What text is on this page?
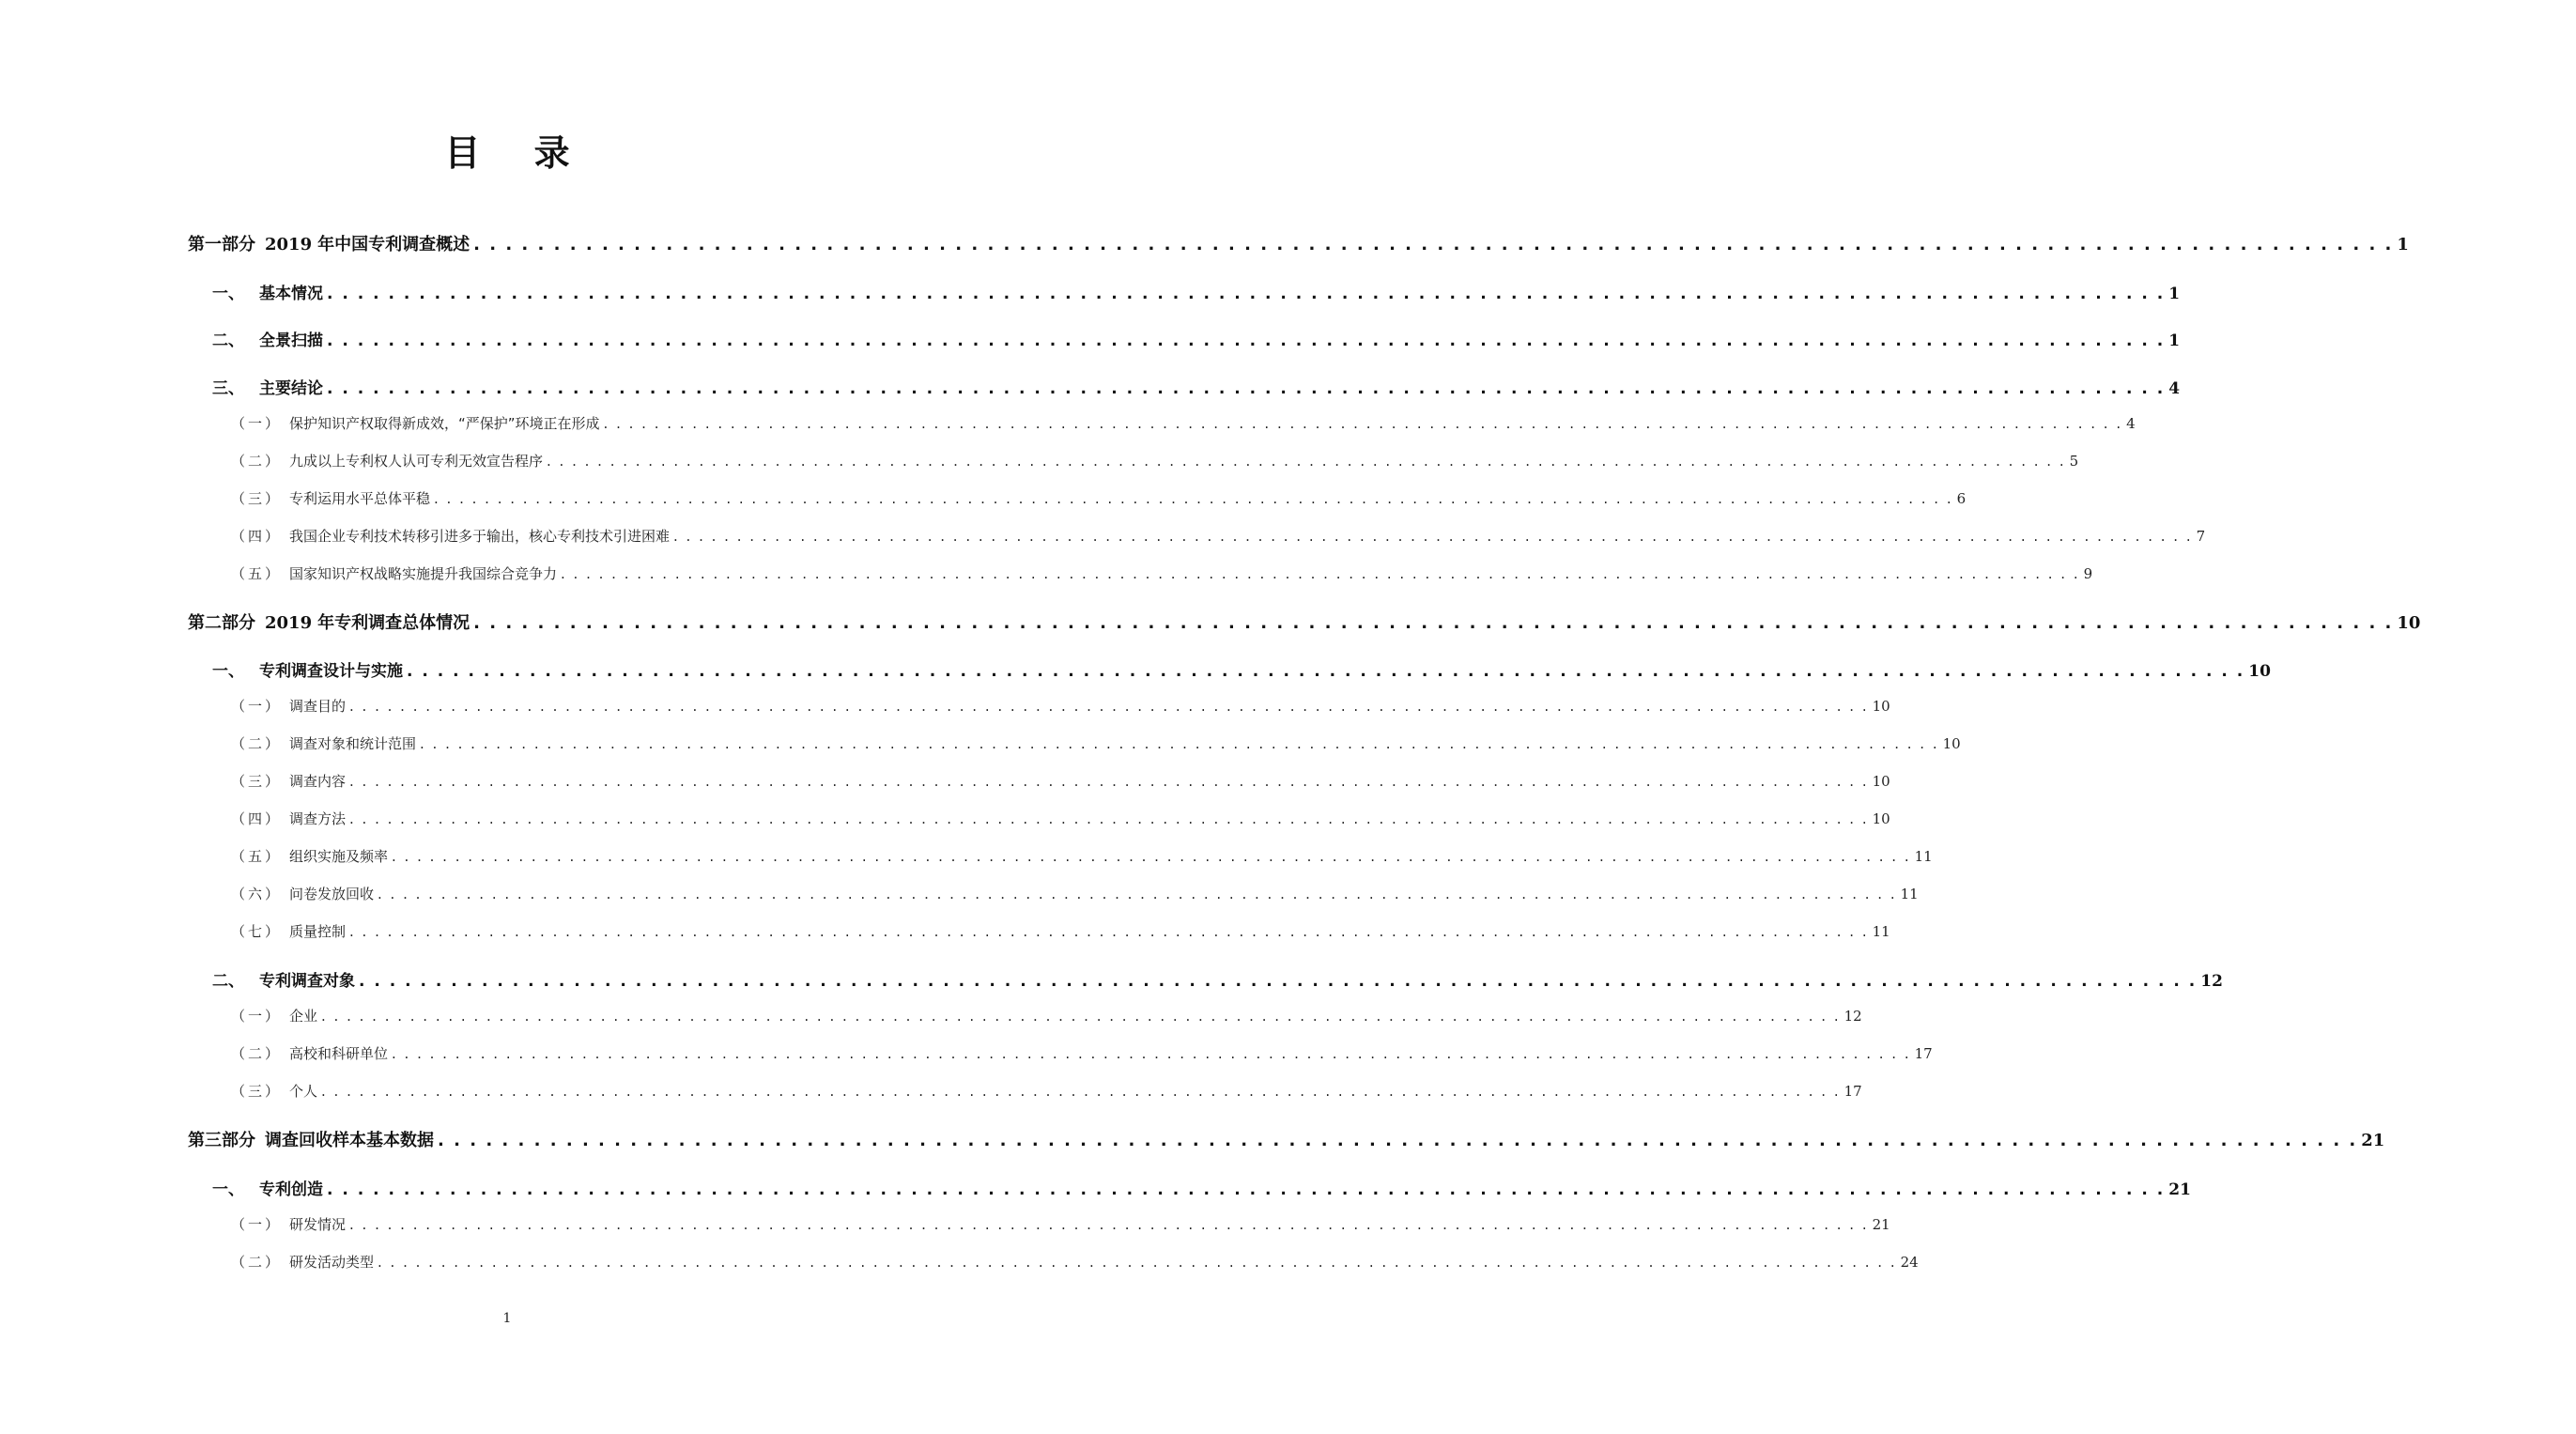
目 录
第一部分 2019 年中国专利调查概述 . . . . . . . . . . . . . . . . . . . . . . . . . . . . . . . . . . . . . . . . . . . . . . . . . . . . . . . . . . . . . . . . . . . . . . . . . . . . . . . . . . . . . . . . . . . . . . . . . . . . . . . . . . . . . . . . . . . . . . . . 1
一、 基本情况 . . . . . . . . . . . . . . . . . . . . . . . . . . . . . . . . . . . . . . . . . . . . . . . . . . . . . . . . . . . . . . . . . . . . . . . . . . . . . . . . . . . . . . . . . . . . . . . . . . . . . . . . . . . . . . . . . . . . . . . . 1
二、 全景扫描 . . . . . . . . . . . . . . . . . . . . . . . . . . . . . . . . . . . . . . . . . . . . . . . . . . . . . . . . . . . . . . . . . . . . . . . . . . . . . . . . . . . . . . . . . . . . . . . . . . . . . . . . . . . . . . . . . . . . . . . . 1
三、 主要结论 . . . . . . . . . . . . . . . . . . . . . . . . . . . . . . . . . . . . . . . . . . . . . . . . . . . . . . . . . . . . . . . . . . . . . . . . . . . . . . . . . . . . . . . . . . . . . . . . . . . . . . . . . . . . . . . . . . . . . . . . 4
（一） 保护知识产权取得新成效，“严保护”环境正在形成 . . . . . . . . . . . . . . . . . . . . . . . . . . . . . . . . . . . . . . . . . . . . . . . . . . . . . . . . . . . . . . . . . . . . . . . . . . . . . . . . . . . . . . . . . . . . . . . . . . . . . . . . . . . . . . . . . . . . . . . . 4
（二） 九成以上专利权人认可专利无效宣告程序 . . . . . . . . . . . . . . . . . . . . . . . . . . . . . . . . . . . . . . . . . . . . . . . . . . . . . . . . . . . . . . . . . . . . . . . . . . . . . . . . . . . . . . . . . . . . . . . . . . . . . . . . . . . . . . . . . . . . . . . . 5
（三） 专利运用水平总体平稳 . . . . . . . . . . . . . . . . . . . . . . . . . . . . . . . . . . . . . . . . . . . . . . . . . . . . . . . . . . . . . . . . . . . . . . . . . . . . . . . . . . . . . . . . . . . . . . . . . . . . . . . . . . . . . . . . . . . . . . . . 6
（四） 我国企业专利技术转移引进多于输出，核心专利技术引进困难 . . . . . . . . . . . . . . . . . . . . . . . . . . . . . . . . . . . . . . . . . . . . . . . . . . . . . . . . . . . . . . . . . . . . . . . . . . . . . . . . . . . . . . . . . . . . . . . . . . . . . . . . . . . . . . . . . . . . . . . . 7
（五） 国家知识产权战略实施提升我国综合竞争力 . . . . . . . . . . . . . . . . . . . . . . . . . . . . . . . . . . . . . . . . . . . . . . . . . . . . . . . . . . . . . . . . . . . . . . . . . . . . . . . . . . . . . . . . . . . . . . . . . . . . . . . . . . . . . . . . . . . . . . . . 9
第二部分 2019 年专利调查总体情况 . . . . . . . . . . . . . . . . . . . . . . . . . . . . . . . . . . . . . . . . . . . . . . . . . . . . . . . . . . . . . . . . . . . . . . . . . . . . . . . . . . . . . . . . . . . . . . . . . . . . . . . . . . . . . . . . . . . . . . . . 10
一、 专利调查设计与实施 . . . . . . . . . . . . . . . . . . . . . . . . . . . . . . . . . . . . . . . . . . . . . . . . . . . . . . . . . . . . . . . . . . . . . . . . . . . . . . . . . . . . . . . . . . . . . . . . . . . . . . . . . . . . . . . . . . . . . . . . 10
（一） 调查目的 . . . . . . . . . . . . . . . . . . . . . . . . . . . . . . . . . . . . . . . . . . . . . . . . . . . . . . . . . . . . . . . . . . . . . . . . . . . . . . . . . . . . . . . . . . . . . . . . . . . . . . . . . . . . . . . . . . . . . . . . 10
（二） 调查对象和统计范围 . . . . . . . . . . . . . . . . . . . . . . . . . . . . . . . . . . . . . . . . . . . . . . . . . . . . . . . . . . . . . . . . . . . . . . . . . . . . . . . . . . . . . . . . . . . . . . . . . . . . . . . . . . . . . . . . . . . . . . . . 10
（三） 调查内容 . . . . . . . . . . . . . . . . . . . . . . . . . . . . . . . . . . . . . . . . . . . . . . . . . . . . . . . . . . . . . . . . . . . . . . . . . . . . . . . . . . . . . . . . . . . . . . . . . . . . . . . . . . . . . . . . . . . . . . . . 10
（四） 调查方法 . . . . . . . . . . . . . . . . . . . . . . . . . . . . . . . . . . . . . . . . . . . . . . . . . . . . . . . . . . . . . . . . . . . . . . . . . . . . . . . . . . . . . . . . . . . . . . . . . . . . . . . . . . . . . . . . . . . . . . . . 10
（五） 组织实施及频率 . . . . . . . . . . . . . . . . . . . . . . . . . . . . . . . . . . . . . . . . . . . . . . . . . . . . . . . . . . . . . . . . . . . . . . . . . . . . . . . . . . . . . . . . . . . . . . . . . . . . . . . . . . . . . . . . . . . . . . . . 11
（六） 问卷发放回收 . . . . . . . . . . . . . . . . . . . . . . . . . . . . . . . . . . . . . . . . . . . . . . . . . . . . . . . . . . . . . . . . . . . . . . . . . . . . . . . . . . . . . . . . . . . . . . . . . . . . . . . . . . . . . . . . . . . . . . . . 11
（七） 质量控制 . . . . . . . . . . . . . . . . . . . . . . . . . . . . . . . . . . . . . . . . . . . . . . . . . . . . . . . . . . . . . . . . . . . . . . . . . . . . . . . . . . . . . . . . . . . . . . . . . . . . . . . . . . . . . . . . . . . . . . . . 11
二、 专利调查对象 . . . . . . . . . . . . . . . . . . . . . . . . . . . . . . . . . . . . . . . . . . . . . . . . . . . . . . . . . . . . . . . . . . . . . . . . . . . . . . . . . . . . . . . . . . . . . . . . . . . . . . . . . . . . . . . . . . . . . . . . 12
（一） 企业 . . . . . . . . . . . . . . . . . . . . . . . . . . . . . . . . . . . . . . . . . . . . . . . . . . . . . . . . . . . . . . . . . . . . . . . . . . . . . . . . . . . . . . . . . . . . . . . . . . . . . . . . . . . . . . . . . . . . . . . . 12
（二） 高校和科研单位 . . . . . . . . . . . . . . . . . . . . . . . . . . . . . . . . . . . . . . . . . . . . . . . . . . . . . . . . . . . . . . . . . . . . . . . . . . . . . . . . . . . . . . . . . . . . . . . . . . . . . . . . . . . . . . . . . . . . . . . . 17
（三） 个人 . . . . . . . . . . . . . . . . . . . . . . . . . . . . . . . . . . . . . . . . . . . . . . . . . . . . . . . . . . . . . . . . . . . . . . . . . . . . . . . . . . . . . . . . . . . . . . . . . . . . . . . . . . . . . . . . . . . . . . . . 17
第三部分 调查回收样本基本数据 . . . . . . . . . . . . . . . . . . . . . . . . . . . . . . . . . . . . . . . . . . . . . . . . . . . . . . . . . . . . . . . . . . . . . . . . . . . . . . . . . . . . . . . . . . . . . . . . . . . . . . . . . . . . . . . . . . . . . . . . 21
一、 专利创造 . . . . . . . . . . . . . . . . . . . . . . . . . . . . . . . . . . . . . . . . . . . . . . . . . . . . . . . . . . . . . . . . . . . . . . . . . . . . . . . . . . . . . . . . . . . . . . . . . . . . . . . . . . . . . . . . . . . . . . . . 21
（一） 研发情况 . . . . . . . . . . . . . . . . . . . . . . . . . . . . . . . . . . . . . . . . . . . . . . . . . . . . . . . . . . . . . . . . . . . . . . . . . . . . . . . . . . . . . . . . . . . . . . . . . . . . . . . . . . . . . . . . . . . . . . . . 21
（二） 研发活动类型 . . . . . . . . . . . . . . . . . . . . . . . . . . . . . . . . . . . . . . . . . . . . . . . . . . . . . . . . . . . . . . . . . . . . . . . . . . . . . . . . . . . . . . . . . . . . . . . . . . . . . . . . . . . . . . . . . . . . . . . . 24
1
